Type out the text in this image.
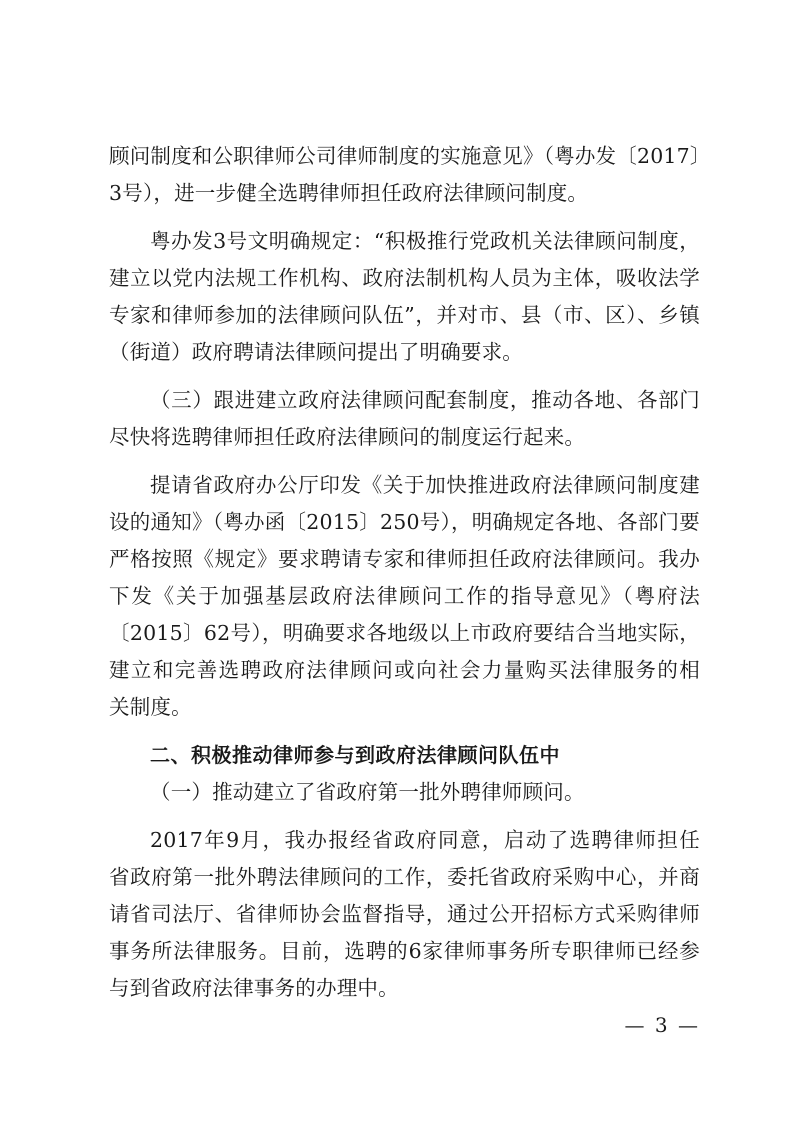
顾问制度和公职律师公司律师制度的实施意见》（粤办发〔2017〕
3号），进一步健全选聘律师担任政府法律顾问制度。
粤办发3号文明确规定：“积极推行党政机关法律顾问制度，
建立以党内法规工作机构、政府法制机构人员为主体，吸收法学
专家和律师参加的法律顾问队伍”，并对市、县（市、区）、乡镇
（街道）政府聘请法律顾问提出了明确要求。
（三）跟进建立政府法律顾问配套制度，推动各地、各部门
尽快将选聘律师担任政府法律顾问的制度运行起来。
提请省政府办公厅印发《关于加快推进政府法律顾问制度建
设的通知》（粤办函〔2015〕250号），明确规定各地、各部门要
严格按照《规定》要求聘请专家和律师担任政府法律顾问。我办
下发《关于加强基层政府法律顾问工作的指导意见》（粤府法
〔2015〕62号），明确要求各地级以上市政府要结合当地实际，
建立和完善选聘政府法律顾问或向社会力量购买法律服务的相
关制度。
二、积极推动律师参与到政府法律顾问队伍中
（一）推动建立了省政府第一批外聘律师顾问。
2017年9月，我办报经省政府同意，启动了选聘律师担任
省政府第一批外聘法律顾问的工作，委托省政府采购中心，并商
请省司法厅、省律师协会监督指导，通过公开招标方式采购律师
事务所法律服务。目前，选聘的6家律师事务所专职律师已经参
与到省政府法律事务的办理中。
— 3 —
